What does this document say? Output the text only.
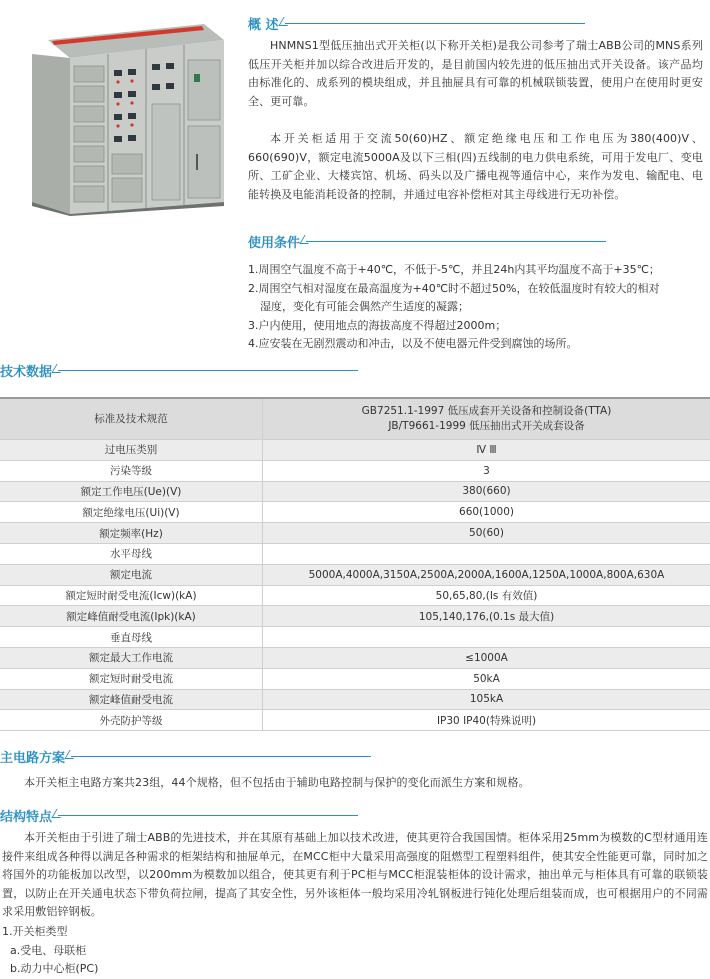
概 述

HNMNS1型低压抽出式开关柜(以下称开关柜)是我公司参考了瑞士ABB公司的MNS系列低压开关柜并加以综合改进后开发的，是目前国内较先进的低压抽出式开关设备。该产品均由标准化的、成系列的模块组成，并且抽屉具有可靠的机械联锁装置，使用户在使用时更安全、更可靠。

本开关柜适用于交流50(60)HZ、额定绝缘电压和工作电压为380(400)V、660(690)V，额定电流5000A及以下三相(四)五线制的电力供电系统，可用于发电厂、变电所、工矿企业、大楼宾馆、机场、码头以及广播电视等通信中心，来作为发电、输配电、电能转换及电能消耗设备的控制，并通过电容补偿柜对其主母线进行无功补偿。

使用条件
1.周围空气温度不高于+40℃，不低于-5℃，并且24h内其平均温度不高于+35℃；
2.周围空气相对湿度在最高温度为+40℃时不超过50%，在较低温度时有较大的相对
湿度，变化有可能会偶然产生适度的凝露；
3.户内使用，使用地点的海拔高度不得超过2000m；
4.应安装在无剧烈震动和冲击，以及不使电器元件受到腐蚀的场所。
技术数据
标准及技术规范	GB7251.1-1997 低压成套开关设备和控制设备(TTA)
JB/T9661-1999 低压抽出式开关成套设备

过电压类别	Ⅳ Ⅲ
污染等级	3
额定工作电压(Ue)(V)	380(660)
额定绝缘电压(Ui)(V)	660(1000)
额定频率(Hz)	50(60)
水平母线	
额定电流	5000A,4000A,3150A,2500A,2000A,1600A,1250A,1000A,800A,630A
额定短时耐受电流(Icw)(kA)	50,65,80,(Is 有效值)
额定峰值耐受电流(Ipk)(kA)	105,140,176,(0.1s 最大值)
垂直母线	
额定最大工作电流	≤1000A
额定短时耐受电流	50kA
额定峰值耐受电流	105kA
外壳防护等级	IP30 IP40(特殊说明)
主电路方案

本开关柜主电路方案共23组，44个规格，但不包括由于辅助电路控制与保护的变化而派生方案和规格。

结构特点

本开关柜由于引进了瑞士ABB的先进技术，并在其原有基础上加以技术改进，使其更符合我国国情。柜体采用25mm为模数的C型材通用连接件来组成各种得以满足各种需求的柜架结构和抽屉单元，在MCC柜中大量采用高强度的阻燃型工程塑料组件，使其安全性能更可靠，同时加之将国外的功能板加以改型，以200mm为模数加以组合，使其更有利于PC柜与MCC柜混装柜体的设计需求，抽出单元与柜体具有可靠的联锁装置，以防止在开关通电状态下带负荷拉闸，提高了其安全性，另外该柜体一般均采用冷轧钢板进行钝化处理后组装而成，也可根据用户的不同需求采用敷铝锌钢板。

1.开关柜类型
a.受电、母联柜
b.动力中心柜(PC)
